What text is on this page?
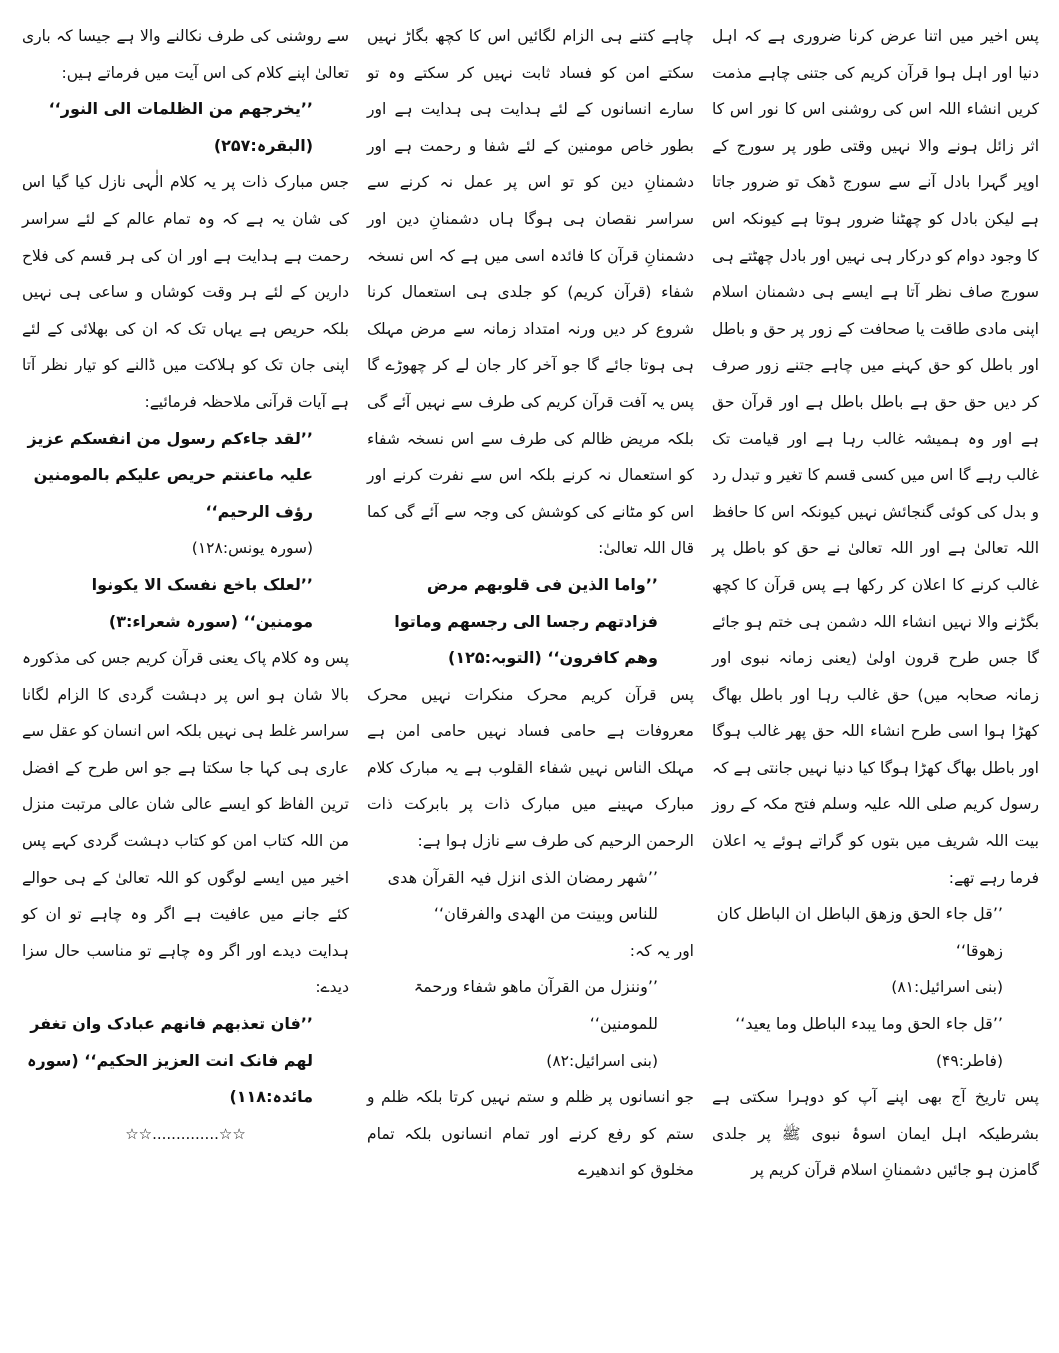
پس اخیر میں اتنا عرض کرنا ضروری ہے کہ اہل دنیا اور اہل ہوا قرآن کریم کی جتنی چاہے مذمت کریں انشاء اللہ اس کی روشنی اس کا نور اس کا اثر زائل ہونے والا نہیں وقتی طور پر سورج کے اوپر گہرا بادل آنے سے سورج ڈھک تو ضرور جاتا ہے لیکن بادل کو چھٹنا ضرور ہوتا ہے کیونکہ اس کا وجود دوام کو درکار ہی نہیں اور بادل چھٹتے ہی سورج صاف نظر آتا ہے ایسے ہی دشمنان اسلام اپنی مادی طاقت یا صحافت کے زور پر حق و باطل اور باطل کو حق کہنے میں چاہے جتنے زور صرف کر دیں حق حق ہے باطل باطل ہے اور قرآن حق ہے اور وہ ہمیشہ غالب رہا ہے اور قیامت تک غالب رہے گا اس میں کسی قسم کا تغیر و تبدل رد و بدل کی کوئی گنجائش نہیں کیونکہ اس کا حافظ اللہ تعالیٰ ہے اور اللہ تعالیٰ نے حق کو باطل پر غالب کرنے کا اعلان کر رکھا ہے پس قرآن کا کچھ بگڑنے والا نہیں انشاء اللہ دشمن ہی ختم ہو جائے گا جس طرح قرون اولیٰ (یعنی زمانہ نبوی اور زمانہ صحابہ میں) حق غالب رہا اور باطل بھاگ کھڑا ہوا اسی طرح انشاء اللہ حق پھر غالب ہوگا اور باطل بھاگ کھڑا ہوگا کیا دنیا نہیں جانتی ہے کہ رسول کریم صلی اللہ علیہ وسلم فتح مکہ کے روز بیت اللہ شریف میں بتوں کو گراتے ہوئے یہ اعلان فرما رہے تھے:

’’قل جاء الحق وزھق الباطل ان الباطل کان زھوقا‘‘
(بنی اسرائیل:۸۱)
’’قل جاء الحق وما یبدء الباطل وما یعید‘‘
(فاطر:۴۹)

پس تاریخ آج بھی اپنے آپ کو دوہرا سکتی ہے بشرطیکہ اہل ایمان اسوۂ نبوی ﷺ پر جلدی گامزن ہو جائیں دشمنانِ اسلام قرآن کریم پر

چاہے کتنے ہی الزام لگائیں اس کا کچھ بگاڑ نہیں سکتے امن کو فساد ثابت نہیں کر سکتے وہ تو سارے انسانوں کے لئے ہدایت ہی ہدایت ہے اور بطور خاص مومنین کے لئے شفا و رحمت ہے اور دشمنانِ دین کو تو اس پر عمل نہ کرنے سے سراسر نقصان ہی ہوگا ہاں دشمنانِ دین اور دشمنانِ قرآن کا فائدہ اسی میں ہے کہ اس نسخہ شفاء (قرآن کریم) کو جلدی ہی استعمال کرنا شروع کر دیں ورنہ امتداد زمانہ سے مرض مہلک ہی ہوتا جائے گا جو آخر کار جان لے کر چھوڑے گا پس یہ آفت قرآن کریم کی طرف سے نہیں آئے گی بلکہ مریض ظالم کی طرف سے اس نسخہ شفاء کو استعمال نہ کرنے بلکہ اس سے نفرت کرنے اور اس کو مٹانے کی کوشش کی وجہ سے آئے گی کما قال اللہ تعالیٰ:

’’واما الذین فی قلوبھم مرض فزادتھم رجسا الی رجسھم وماتوا وھم کافرون‘‘ (التوبہ:۱۲۵)

پس قرآن کریم محرک منکرات نہیں محرک معروفات ہے حامی فساد نہیں حامی امن ہے مہلک الناس نہیں شفاء القلوب ہے یہ مبارک کلام مبارک مہینے میں مبارک ذات پر بابرکت ذات الرحمن الرحیم کی طرف سے نازل ہوا ہے:

’’شھر رمضان الذی انزل فیہ القرآن ھدی للناس وبینت من الھدی والفرقان‘‘

اور یہ کہ:

’’وننزل من القرآن ماھو شفاء ورحمۃ للمومنین‘‘
(بنی اسرائیل:۸۲)

جو انسانوں پر ظلم و ستم نہیں کرتا بلکہ ظلم و ستم کو رفع کرنے اور تمام انسانوں بلکہ تمام مخلوق کو اندھیرے

سے روشنی کی طرف نکالنے والا ہے جیسا کہ باری تعالیٰ اپنے کلام کی اس آیت میں فرماتے ہیں:

’’یخرجھم من الظلمات الی النور‘‘ (البقرہ:۲۵۷)

جس مبارک ذات پر یہ کلام الٰہی نازل کیا گیا اس کی شان یہ ہے کہ وہ تمام عالم کے لئے سراسر رحمت ہے ہدایت ہے اور ان کی ہر قسم کی فلاح دارین کے لئے ہر وقت کوشاں و ساعی ہی نہیں بلکہ حریص ہے یہاں تک کہ ان کی بھلائی کے لئے اپنی جان تک کو ہلاکت میں ڈالنے کو تیار نظر آتا ہے آیات قرآنی ملاحظہ فرمائیے:

’’لقد جاءکم رسول من انفسکم عزیز علیہ ماعنتم حریص علیکم بالمومنین رؤف الرحیم‘‘
(سورہ یونس:۱۲۸)
’’لعلک باخع نفسک الا یکونوا مومنین‘‘ (سورہ شعراء:۳)

پس وہ کلام پاک یعنی قرآن کریم جس کی مذکورہ بالا شان ہو اس پر دہشت گردی کا الزام لگانا سراسر غلط ہی نہیں بلکہ اس انسان کو عقل سے عاری ہی کہا جا سکتا ہے جو اس طرح کے افضل ترین الفاظ کو ایسے عالی شان عالی مرتبت منزل من اللہ کتاب امن کو کتاب دہشت گردی کہے پس اخیر میں ایسے لوگوں کو اللہ تعالیٰ کے ہی حوالے کئے جانے میں عافیت ہے اگر وہ چاہے تو ان کو ہدایت دیدے اور اگر وہ چاہے تو مناسب حال سزا دیدے:

’’فان تعذبھم فانھم عبادک وان تغفر لھم فانک انت العزیز الحکیم‘‘ (سورہ مائدہ:۱۱۸)
☆☆..............☆☆
